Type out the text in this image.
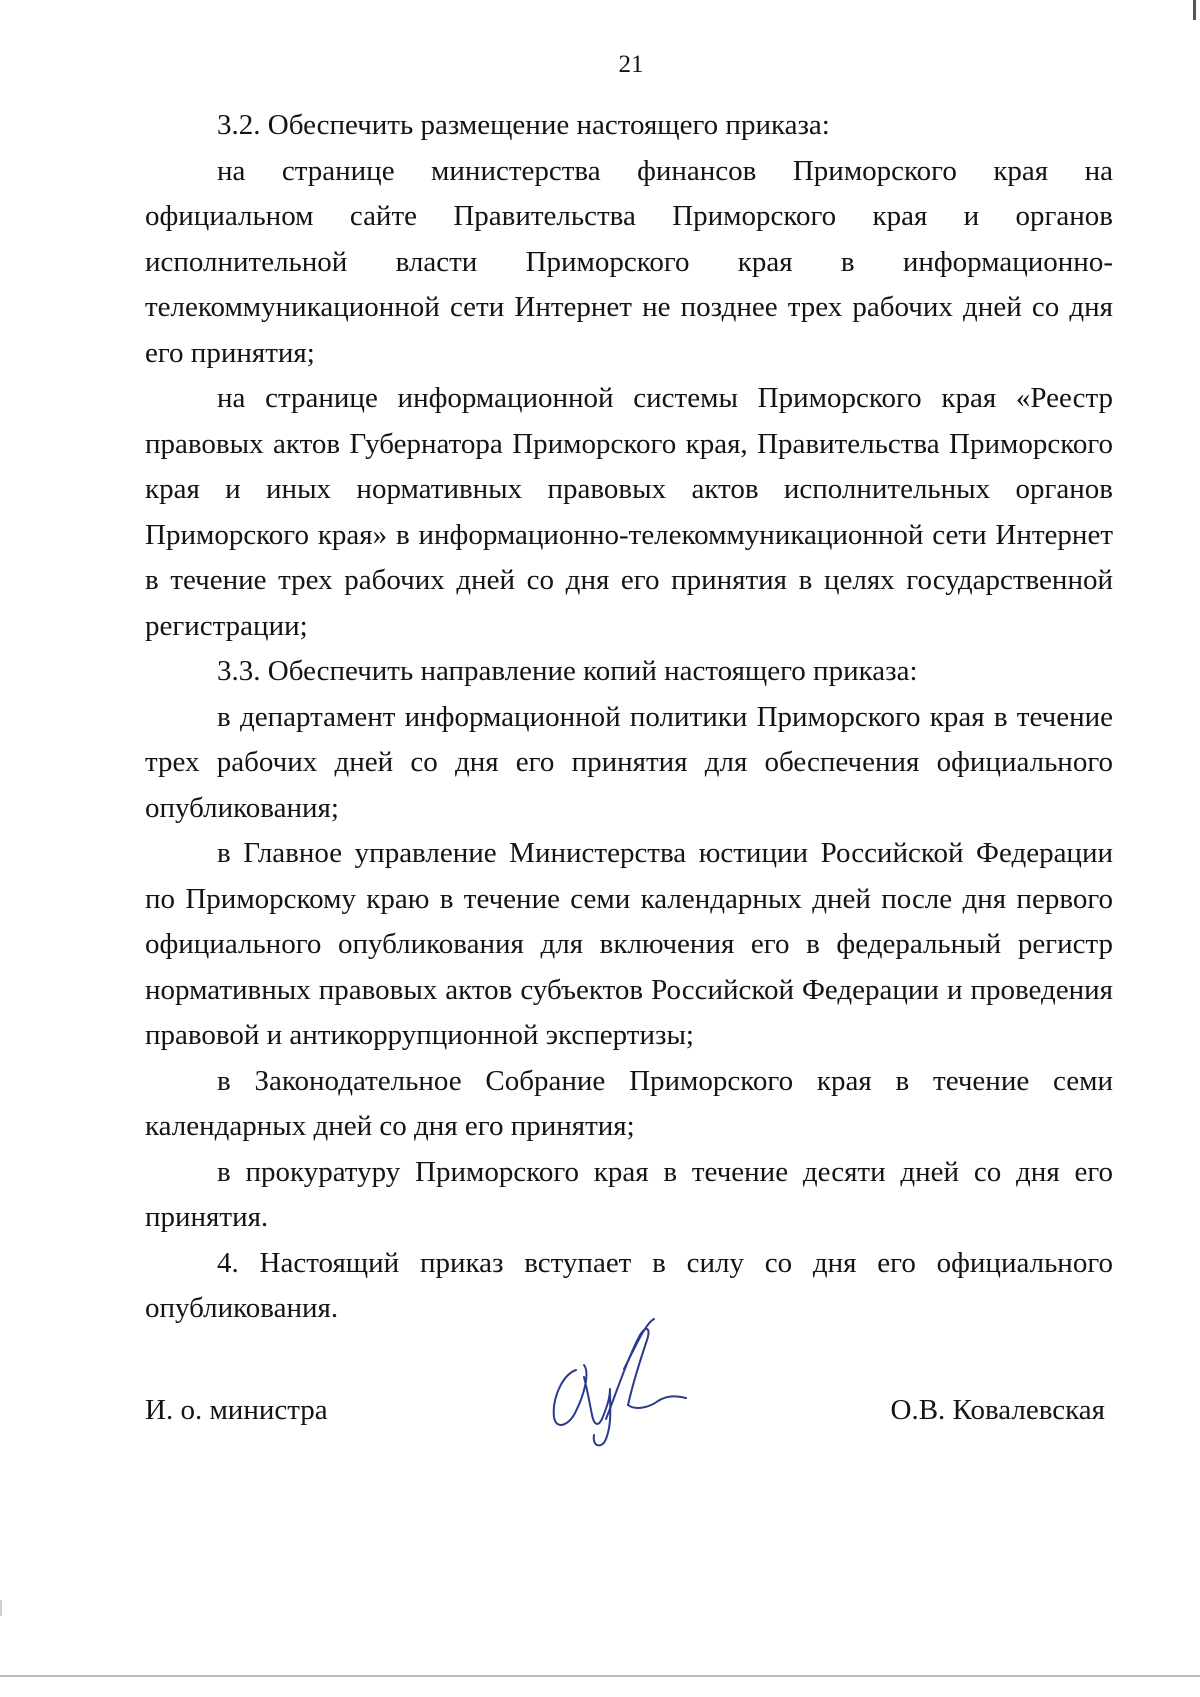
21

3.2. Обеспечить размещение настоящего приказа:

на странице министерства финансов Приморского края на официальном сайте Правительства Приморского края и органов исполнительной власти Приморского края в информационно-телекоммуникационной сети Интернет не позднее трех рабочих дней со дня его принятия;

на странице информационной системы Приморского края «Реестр правовых актов Губернатора Приморского края, Правительства Приморского края и иных нормативных правовых актов исполнительных органов Приморского края» в информационно-телекоммуникационной сети Интернет в течение трех рабочих дней со дня его принятия в целях государственной регистрации;

3.3. Обеспечить направление копий настоящего приказа:

в департамент информационной политики Приморского края в течение трех рабочих дней со дня его принятия для обеспечения официального опубликования;

в Главное управление Министерства юстиции Российской Федерации по Приморскому краю в течение семи календарных дней после дня первого официального опубликования для включения его в федеральный регистр нормативных правовых актов субъектов Российской Федерации и проведения правовой и антикоррупционной экспертизы;

в Законодательное Собрание Приморского края в течение семи календарных дней со дня его принятия;

в прокуратуру Приморского края в течение десяти дней со дня его принятия.

4. Настоящий приказ вступает в силу со дня его официального опубликования.

И. о. министра	О.В. Ковалевская
